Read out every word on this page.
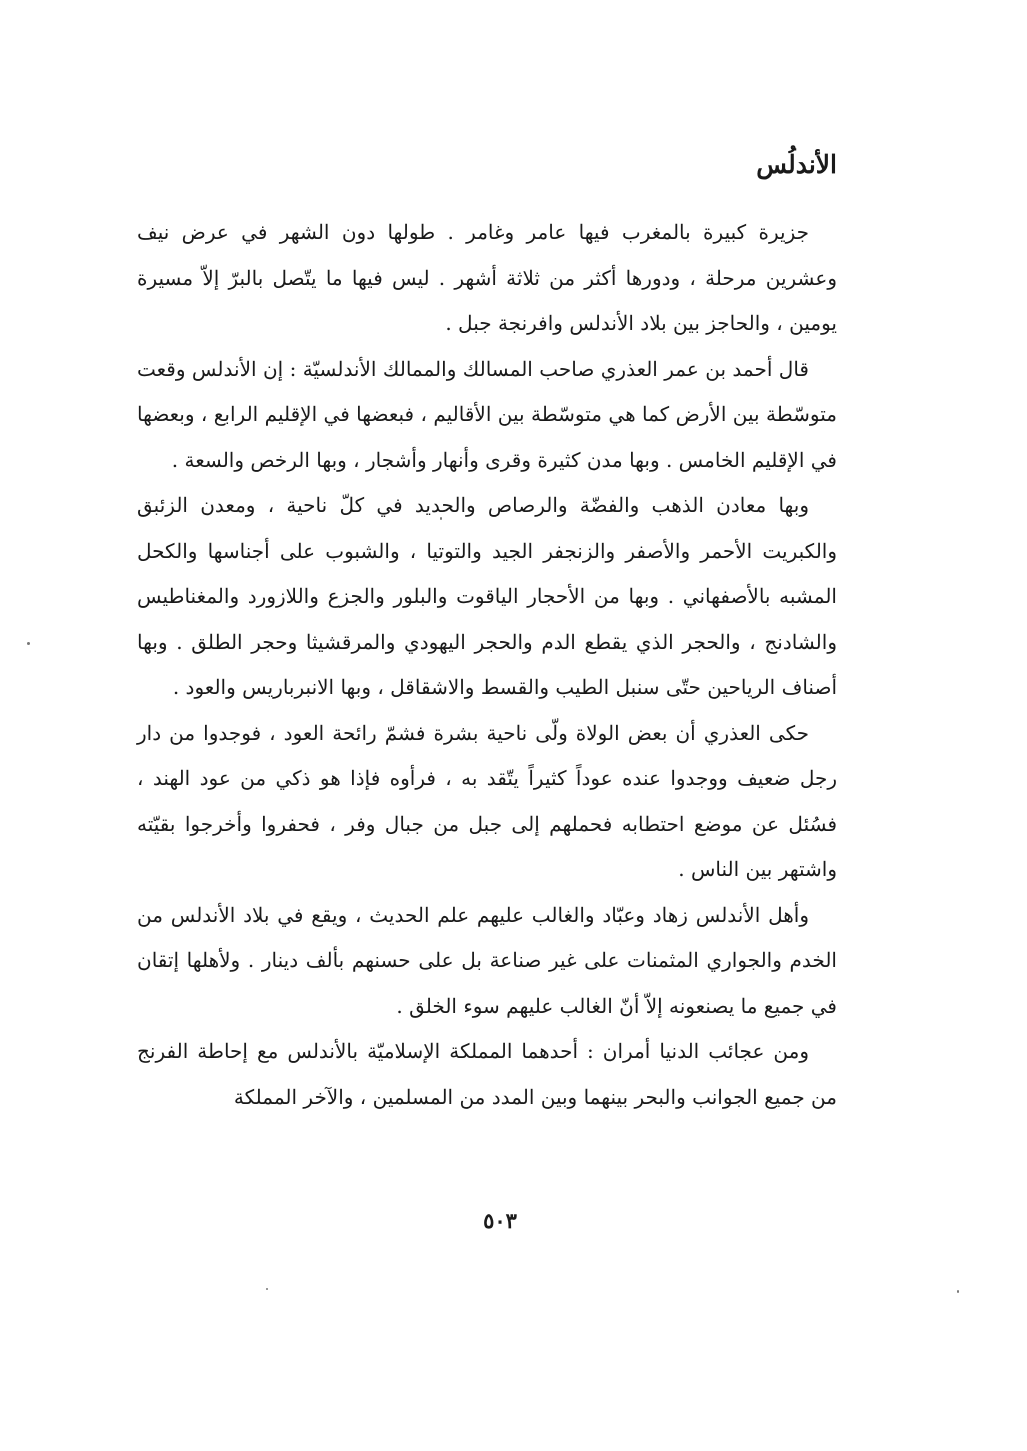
الأندلُس

جزيرة كبيرة بالمغرب فيها عامر وغامر . طولها دون الشهر في عرض نيف وعشرين مرحلة ، ودورها أكثر من ثلاثة أشهر . ليس فيها ما يتّصل بالبرّ إلاّ مسيرة يومين ، والحاجز بين بلاد الأندلس وافرنجة جبل .

قال أحمد بن عمر العذري صاحب المسالك والممالك الأندلسيّة : إن الأندلس وقعت متوسّطة بين الأرض كما هي متوسّطة بين الأقاليم ، فبعضها في الإقليم الرابع ، وبعضها في الإقليم الخامس . وبها مدن كثيرة وقرى وأنهار وأشجار ، وبها الرخص والسعة .

وبها معادن الذهب والفضّة والرصاص والحديد في كلّ ناحية ، ومعدن الزئبق والكبريت الأحمر والأصفر والزنجفر الجيد والتوتيا ، والشبوب على أجناسها والكحل المشبه بالأصفهاني . وبها من الأحجار الياقوت والبلور والجزع واللازورد والمغناطيس والشادنج ، والحجر الذي يقطع الدم والحجر اليهودي والمرقشيثا وحجر الطلق . وبها أصناف الرياحين حتّى سنبل الطيب والقسط والاشقاقل ، وبها الانبرباريس والعود .

حكى العذري أن بعض الولاة ولّى ناحية بشرة فشمّ رائحة العود ، فوجدوا من دار رجل ضعيف ووجدوا عنده عوداً كثيراً يتّقد به ، فرأوه فإذا هو ذكي من عود الهند ، فسُئل عن موضع احتطابه فحملهم إلى جبل من جبال وفر ، فحفروا وأخرجوا بقيّته واشتهر بين الناس .

وأهل الأندلس زهاد وعبّاد والغالب عليهم علم الحديث ، ويقع في بلاد الأندلس من الخدم والجواري المثمنات على غير صناعة بل على حسنهم بألف دينار . ولأهلها إتقان في جميع ما يصنعونه إلاّ أنّ الغالب عليهم سوء الخلق .

ومن عجائب الدنيا أمران : أحدهما المملكة الإسلاميّة بالأندلس مع إحاطة الفرنج من جميع الجوانب والبحر بينهما وبين المدد من المسلمين ، والآخر المملكة

٥٠٣
